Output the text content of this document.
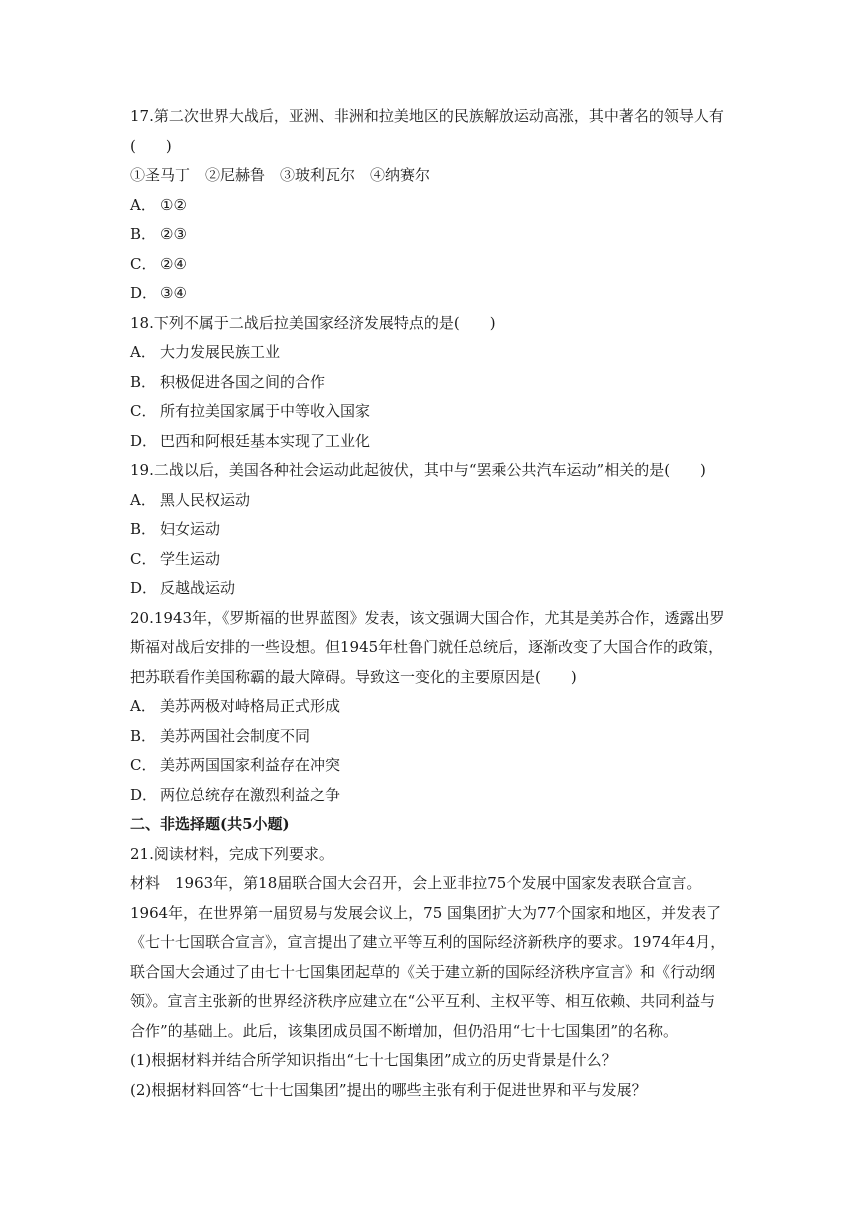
17.第二次世界大战后，亚洲、非洲和拉美地区的民族解放运动高涨，其中著名的领导人有
(　　)
①圣马丁　②尼赫鲁　③玻利瓦尔　④纳赛尔
A． ①②
B． ②③
C． ②④
D． ③④
18.下列不属于二战后拉美国家经济发展特点的是(　　)
A． 大力发展民族工业
B． 积极促进各国之间的合作
C． 所有拉美国家属于中等收入国家
D． 巴西和阿根廷基本实现了工业化
19.二战以后，美国各种社会运动此起彼伏，其中与“罢乘公共汽车运动”相关的是(　　)
A． 黑人民权运动
B． 妇女运动
C． 学生运动
D． 反越战运动
20.1943年，《罗斯福的世界蓝图》发表，该文强调大国合作，尤其是美苏合作，透露出罗
斯福对战后安排的一些设想。但1945年杜鲁门就任总统后，逐渐改变了大国合作的政策，
把苏联看作美国称霸的最大障碍。导致这一变化的主要原因是(　　)
A． 美苏两极对峙格局正式形成
B． 美苏两国社会制度不同
C． 美苏两国国家利益存在冲突
D． 两位总统存在激烈利益之争
二、非选择题(共5小题)
21.阅读材料，完成下列要求。
材料　1963年，第18届联合国大会召开，会上亚非拉75个发展中国家发表联合宣言。
1964年，在世界第一届贸易与发展会议上，75 国集团扩大为77个国家和地区，并发表了
《七十七国联合宣言》，宣言提出了建立平等互利的国际经济新秩序的要求。1974年4月，
联合国大会通过了由七十七国集团起草的《关于建立新的国际经济秩序宣言》和《行动纲
领》。宣言主张新的世界经济秩序应建立在“公平互利、主权平等、相互依赖、共同利益与
合作”的基础上。此后，该集团成员国不断增加，但仍沿用“七十七国集团”的名称。
(1)根据材料并结合所学知识指出“七十七国集团”成立的历史背景是什么？
(2)根据材料回答“七十七国集团”提出的哪些主张有利于促进世界和平与发展？
